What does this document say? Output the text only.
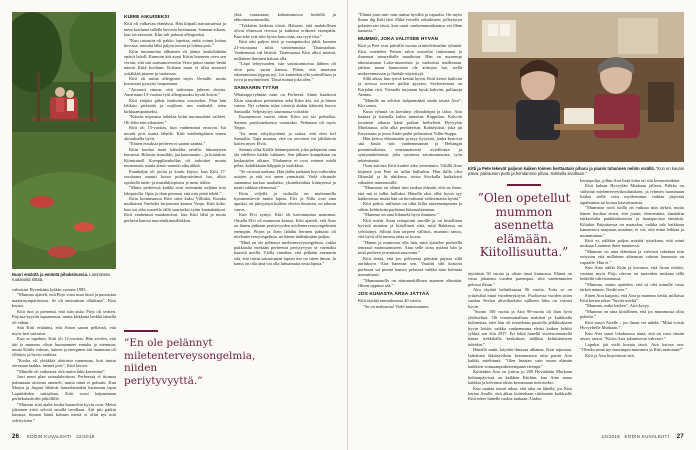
Nuori emäntä ja emäntä pihakeinussa. Lammessa ruutanoita riittää.

valmistui Hyvinkään kylään vuonna 1985.

”Mummo ajatteli, että Pirjo voisi asua tässä ja puurustaa maalaisymparistossa. Se oli ensisatisan ollutkaan”, Kitti kertoo.

Kitti tuoi ja pienensä, että isän sisko Pirjo oli seitsen. Pirjosta kyyriin tapaamassa, mutta kirkkaita herkkä hänellä oli vähän.

Sitä Kitti eritäänsi, että Ainon saarin pellavali, että myös heit sairastui.

Kun se tapahtui, Kitti oli 12-vuotias. Hän arveles, että äiti ja mummo olivat huomanneet ennalta jo aiemmin, mutta Kittile vahvan, taiteen ja energinen äiti mammuu oli yllättyis ja hyvin vaikeaa.

”Koska oli yhtäkkiä aloitusta tunnetuna, koti tuntui olevanan taakka, mennä pois”, Kitti kertoo.

”Minulle oli vaikeasta, että mutta lähti kaverinsa”.

Jarri meni plan sairaalahoitoon. Perheessä el itiomaa puhumaan aiotosta ameneli, mutta tämä ei puhuttu. Kun Marjut ja Jaspari lähtivät lasaaslaisinkin karmeaan lapin Lapinlahden sairaalaan, Kitti suosi kaipaamaan perhekatastrofin piikollille.

”Muistan siitä ajalta koska huonolein hyvin ovat. Metsä jokainen yritti selvitä omalla tavallaan. Äiti piti paikin kasassa, ilmaan häntä kohaan mestä ei ollut nyt niin selvityisten.”

KUIRE AIKUISEKSI

Kitti oli valkavan elämässä. Hän kilpaili nainastuiessa ja meni kouluuta tallelle hevosia hoitamaan. Samaan aikaan, kun isä sairastui, Kitti tuli puhasti allergiseksi.

”Kun ratsastin oli pakko lopettaa, enkä voinut hoitaa hevosia, minulta lähti paljon turvaa ja lohtua pois.”

Kitin mummolan allkainen eli jäänyt keskeltäkään epäröi laholl. Kunnoin äiti avasi Kittin huoneen ovea sen verran, että sait saatsamorvoettu Verra päissi sinäne herää näestä Kittä kouluun. Kokaan muut ei ollut sisauttet ysitäkkää pionne ja vaatassaa.

Kitti oli nuhat allerginen myös Vernalle, mutta koirastaei pystytty luopumaan.

”Airaasoi vinnus, että iaitissaan juhteen dosina. Anneisaan 13-vuotias tytti allergisuuksi hyvää koirin.”

Kitti vääjäsi pitkät hiuksensa rousiseltai. Plan hän Iehkäsi pitkistää ja nojilisen sen vaalealel, siten kirkkaampainseksi.

”Käsvin nopeassa taihelaa kohti nuoruusikäa vaiheet. Oli leltn niin aikuisten.”

Kitti oli 15-vuotias, kun vanhemmat erosivat. Isä muutti pois mutta lähelle. Kitti mielenkpääsin ennen aloituksella hyvä.

”Ennen erauksia perheen ei saanut saanaa.”

Kitin kouluä meni kaheldta tavalla: lukumiseen huonosti. Biltosta, musiikki, jaa kaumuanto – ja kotitaloss Kiimiranoll Kympplhonkollus oli tarkoittet monta murmentia, mutta alasto uonnisi aika äkkiä.

Puunkaljat oli juoita ja koulu käytyt, kun Kitti 17-vuotiaana muutti kotoa poikaystävänsä luo, alkoi opiskella taide- ja musiikkiopistoa ja meni töihin.

”Mutta perheessä kaikki ovat enemmän neljänä koti lakipuiolla. Opin jo ihan pienenä, että niin pitää tehdä.”

Kitin kotinmaassa Kitti sittei kaksi Villinkä, Kuinka mutkaisen Vanhalta kirjoinnan kanssa Vanja. Kitti koke, kun sai aika nuorella iällä suuriseksi tytän kaunakäätyni. Kitit vanhemnit maakoittivat, kun Kitti lähti ja muita perheen kanssa nuoretutkinusillekkon.

”En ole pelännyt miletenterveysongelmia, niiden periytyvyyttä.”

yhtä vaatassaan, kohnammossa heidellä ja ehkoimassomsasilla.

”Tykkäsin kaikista töistä. Haluoin, että mahdollisen olivat elinesoat rivossa ja kaikissa eräkertä etoenpäin. Kun teke tyät niin hyvin kuin osaa, saa tyyn iloa.”

Kitti teki paljon töitä ja vastapainoksi juhli, kunnen 21-vuotiaana tuttii vanhemmasta Thaimaahan. Vanhemmat väl lättivät. Thaimaassa Kitti alkoi miettiä, millainen ihminen haluaa olla.

”Läpä tehtyvuoden, isin sairastumisesta lähtien oli olon pois; surun kanssa. Pitäin, että muutuen rahemmistan loppua nyt. Jos kuitenkin olla ystävällisen ja lviva ja myönteinen. Tässä minuä joka olen.”

SAMAARIN TYTÄR

Whatsapp-ryhmän mini on Perheeni. Sinne kaaduvat Kitin sisarukset perheineen sekä Kitin äiti, isä ja hänen vaimo. Nyt ryhmän tulee viestejä ainkin itäkerttä huovo Samaalla. Veljestyttyy suunnassa viritakin.

Kuumenoon vuotta sitten Kitin isä sai perhallaa. Sairaus parylaitettuessa vaiastaksi. Perhanna oli myös Teppo.

”Isi meni erityityyttämä ja saissa, että olen lorl Samuilia. Tapa muutaa, että on arvoinen isä jaltilaitoin kaiten myös Elviä.

Sairaus ollut Kitille käännepistetä, joka pelajantui oma ala edelleen kaikki vakkaan. Sen jälkeen kumpikaan on keskustelee ailtaan. Vihdamme ei ovat voineet mielä pelaa, kohdikkaan hälppää ja vaatikkaa.

”Se on mun aarkaan. Hän jäähe jonkaan löyt vaikeiden asiojen ja että voi amen ymmärtää. Vielä olisuusle saamansa kurkaa naaltaika, yksiniketaluta kiinnyessä ja naatti sikkina elemsessä.”

Kitin veljellä ja sisikolla on molemmilla kymmensieviä mutta lapsia. Elvi ja Nilla ovat aina apuiksi, ett juleyjistyä hullien oleviin ilmaisen, on talnuin vauva.

Kun Elvi syntyi, Kitti oli kaivannuttaa mammaa. Omalla Elvi oli mummon kanssa. Kitti ajatteli, että Aino on hänen puhtaan perityvyyden miclentervessyongelmien enempän. Pirjon ja Jarin ilahdut hermen pahtaisi oli mielentervessyongelmia, ne hänen täälenkisään paljon.

”Minä en ole pelännyt mielenterveysongelmia, vakka pukkaisita enekään perheessä periytyvyyn se varmaksi kaavitä meillä. Väilla vänalien, että pelkään enemmin sitä, että saisin sairastuneni lapsen itse on sitten ilmon. Ja kanss on olla aina vai olla luhuamatta omia lapsia.”

26 KODIN KUVALEHTI 22/2018

”Elämä juuri nnii vain tuntua hyvältä ja vapaalta. On myös llsana dig Kitti tätä. Ehkä voisella sekaikisten, jolleytytyn pelastuvaisi tässä, kun osaat vanhemmuutkaansa vai ilhan tuntuvia.”

MUMMO, JOKA VALITSEE HYVÄN

Kitti ja Pete ovat päivällä vuotaa ormitelvittaaliin ryhmää. Kitti ostettelee Petsen talon euroeilat tiukemmat ja ilmenuat moureikalle maailmon. Hän on nuorempi aikeistamaan Lotta-museoista ja vanhoista mallestaan, jalrkaa maan lannuoisen ole aiittojen luo, siellä mukevennasson ja llurbile-näytettyjä.

Sillä aikaa, kun työvä kestää hyvin, Kitti kertoi kaikvita ja tovissa tuvevret pullati pyytam. Sevlotteenssä on Karjalan virit. Vieraalle tarjotaan hyvät kahviin, pullaaoja Ainaan.

”Minulle on selvästi hahjanmäärä sauda tavata Aira”, Kiti sanoo.

Kuun ryhmiä on kiertänyt ylimalteipin ja taloo. Aira kaanaa ja kainella kahta tunnetaa Kuppittaa. Kalvoin joontetai aikasta hänä poikaa hieltelivät Hyvyyäin Murkaassa, sillä alka peritäeeisin. Kohtäytiisti, joka jäi Kuvaisaan ja jossa Airan perhe pelastuivat Villin-Suppa.

Hän kertoo elämässään ja myy kyvyistä, jonka kertovat sitä huula -tais vanhemmuusni ja Helsingin pommitutksista, ensimmäisestä avioliitasta ja syntymättömästä, joka ryttaessa saturinumuosta, työn tekemisestä.

Osan asioista Kitti kuulee aika yenemmin. Välillä Aino kiipeste jota Pete on tullut halluskin. Hän ikilla olisi Ilkauslul ja hi nhtikuva, toista Stockalla kaikalaivä vähadesi mummosille.

”Mummon on elämä niin rankaa elämää, että on ihme, että mä ei tullut hulluksi. Hänellä olisi ollut hyvin syy katkeroitua, mutta hän on kirvaltunut valitsemassa hyvää.”

Kitti pohtii, millaiset on ollut hillia nuorenempirena ja siihen kehittävän parhaana lukeasuhtentaan.

”Mummo on aina liilamelä hyvä ihminen.”

Kitti mietti Airan reitapointi tasoille ja on kiitollinen hyvistä ammina ja kiitollinen siitä, mitä Rakkessa on selvittänyt. Silloin kun tarpeen vallitsis, mummo sanoo, että hyvä olla tuonna ottaa se kovas.

”Hänen ja mummon olla hän, mitä ajattelee perheellä tennissä manostamiseen. Aina selle siina nytämi hän ja mitä perheen ja nimissä sanovana.”

Kitti tietää, että joo pilvisessä päivänä pajissa sillä aurinkoon. Aira hanenaa sen. Vaustin silti kosuvia perhossa sai pienni kanssa pelastua vaikka aina kolmaia nomuimasti.

”Mummonulla on niimmerkillinen ausenne elämään. Ohsen oppinut sää.”

JOS KUNASTA ÄRSA JÄTTÄÄ

Kitti täyttää tammikuussa 40 vuotta.

”Se on mahtavaa! Vielä muistuumme,

Kitti ja Pete tekevät paljoon kaiken toimen herttaatain piharu ja pianin tuhannen neliön sisällä. ”Kun en kaunis päivä, päivaonen putta ja hondamme pihaa. Saltsella sivuttaan.”
”Olen opetellut mummon asennetta elämään. Kiitollisuutta.”

täyttäisin 50 vuotta ja olisin tässä kunnossa. Elämä on vasta jokainen vuoden parempaa, sikä vanhemmiten pelossa ilkuin.”

Aira täyttää helmikuussa 96 vuotta. Totta se on yrittävältä muut vuodenryköyyn. Puolisessa vuoden sitten saadun Sevlon ahveiltarkitin ajilkuen liiku on voimet hyvin.

”Suomi 100 vuotta ja Aira 90-vuotta oli ihan hyvä yhdistelmä. Oli teronmattallaan mahdon ja kaikkialla kuloneitaa, ettei hän oli toimeltaan pustiella jälkihtuliseen hyvin loisiin vaikka vanhemmina eleäsi kaiken kehitti sykkiä sen että 2017. Eri lehtä hänellä vuoristoanomillä hanaa tiekkikalla keskuksen täälläsa kehittämiseen tuleekin.”

Hänellä sanki, käyttää ilmavaa alkanna, Kitti tajuuttaa. Isäkäinen ikkäiseviksin kesimmaisin aitta pariin Aira kaikki mielimmä. ”Olen hieatan vain oman elämän kaikkien voimaanprakeisempaan eteenpä.”

Kuitenkin Aira on joskus jo 200 Hyvinkään Murkaan hulttanpäivissä on kaikken Kitiltän, kun Aino nama kaikkia ja kelvansa olisin keroamaan neitoiseksi.

Kun saattaa toimii aikaa, että aika on lähellä, jos Kitti kertaa Airalle, että alkaa kuitenkaan riittämään kaikkialle Kitti tekee hänelle ruokia mukaan. Uuden

kerttopohja, jolhin Aira lisää lohta tai sitä keemnistäkäse.

Kitti haluaa Hyvyylän Murkaan jälleen, Palkka on säilyttää mielenterveyskoulutuksen, ja ryhmen tuommaan lisäksi siellä voisi myöhemmin vaihtaa järjestää tapahtumia tai koiraa kasvattamista.

”Mummon rooli tuollä on vaikuta niin tärkeä, mutta hänen huoltaa sitten, että jotain, elementtäsi, tämänkin tukkeavalta pankkialustoista ja hautapeoista tämäistä. Kiltakin Paijuttaessa on maatalon, vaikka talo kaikkaan kannattava nanyatan muuhun, ei voi, että minä leikkaa ja mummuntaa.”

Kitti ei, näläkin paljon mietitä työaikana, että minä mukaan Laumme ihme mennessä.

”Mummo on aina elämässä ja vahvasti rakentaa niin erityisen että millainen aiherutan vahvan kunnosta on vapaalle. Hän ei.”

Kun Aino näkki Kitin ja kuvansa, että Airan tietäisi, vastaan myös Pirjo olevan on tunteiden mukana tällä hetkellä vahvistamassa.

”Mummo, mutta ajattelen, että sä olet minulle vasta tärkeä nainen. Tiedät sen.”

Sitten Aira kaipaisi, että Aira ja mummo tietää, millaista Kitti kertoa tekee ”hyvää mieltä”.

”Mummo, mikä kaiken”, Aira kysyy.

”Mummo on aina kiitollinen, että jos mummosta ollut puhetta.”

Kitti sanoo Airalle – jos ilman voi nähdä. ”Minä voisin Hyvyyhelle Murkaan.”

Kun Aira sanoi lokakuussa tämä, että en voisi tämän aivan, sanoa: ”Kiitos Aira jakamisesta vahvasti.”

Lopuksi jää vielä kuvata tässä. Aira kaivaa sen: ”Olenko minä nyt nuorimpia mummoa ja Kitti mainiaan?”

Kitti ja Aira kirjoittavat sitä.

22/2018 KODIN KUVALEHTI 27
